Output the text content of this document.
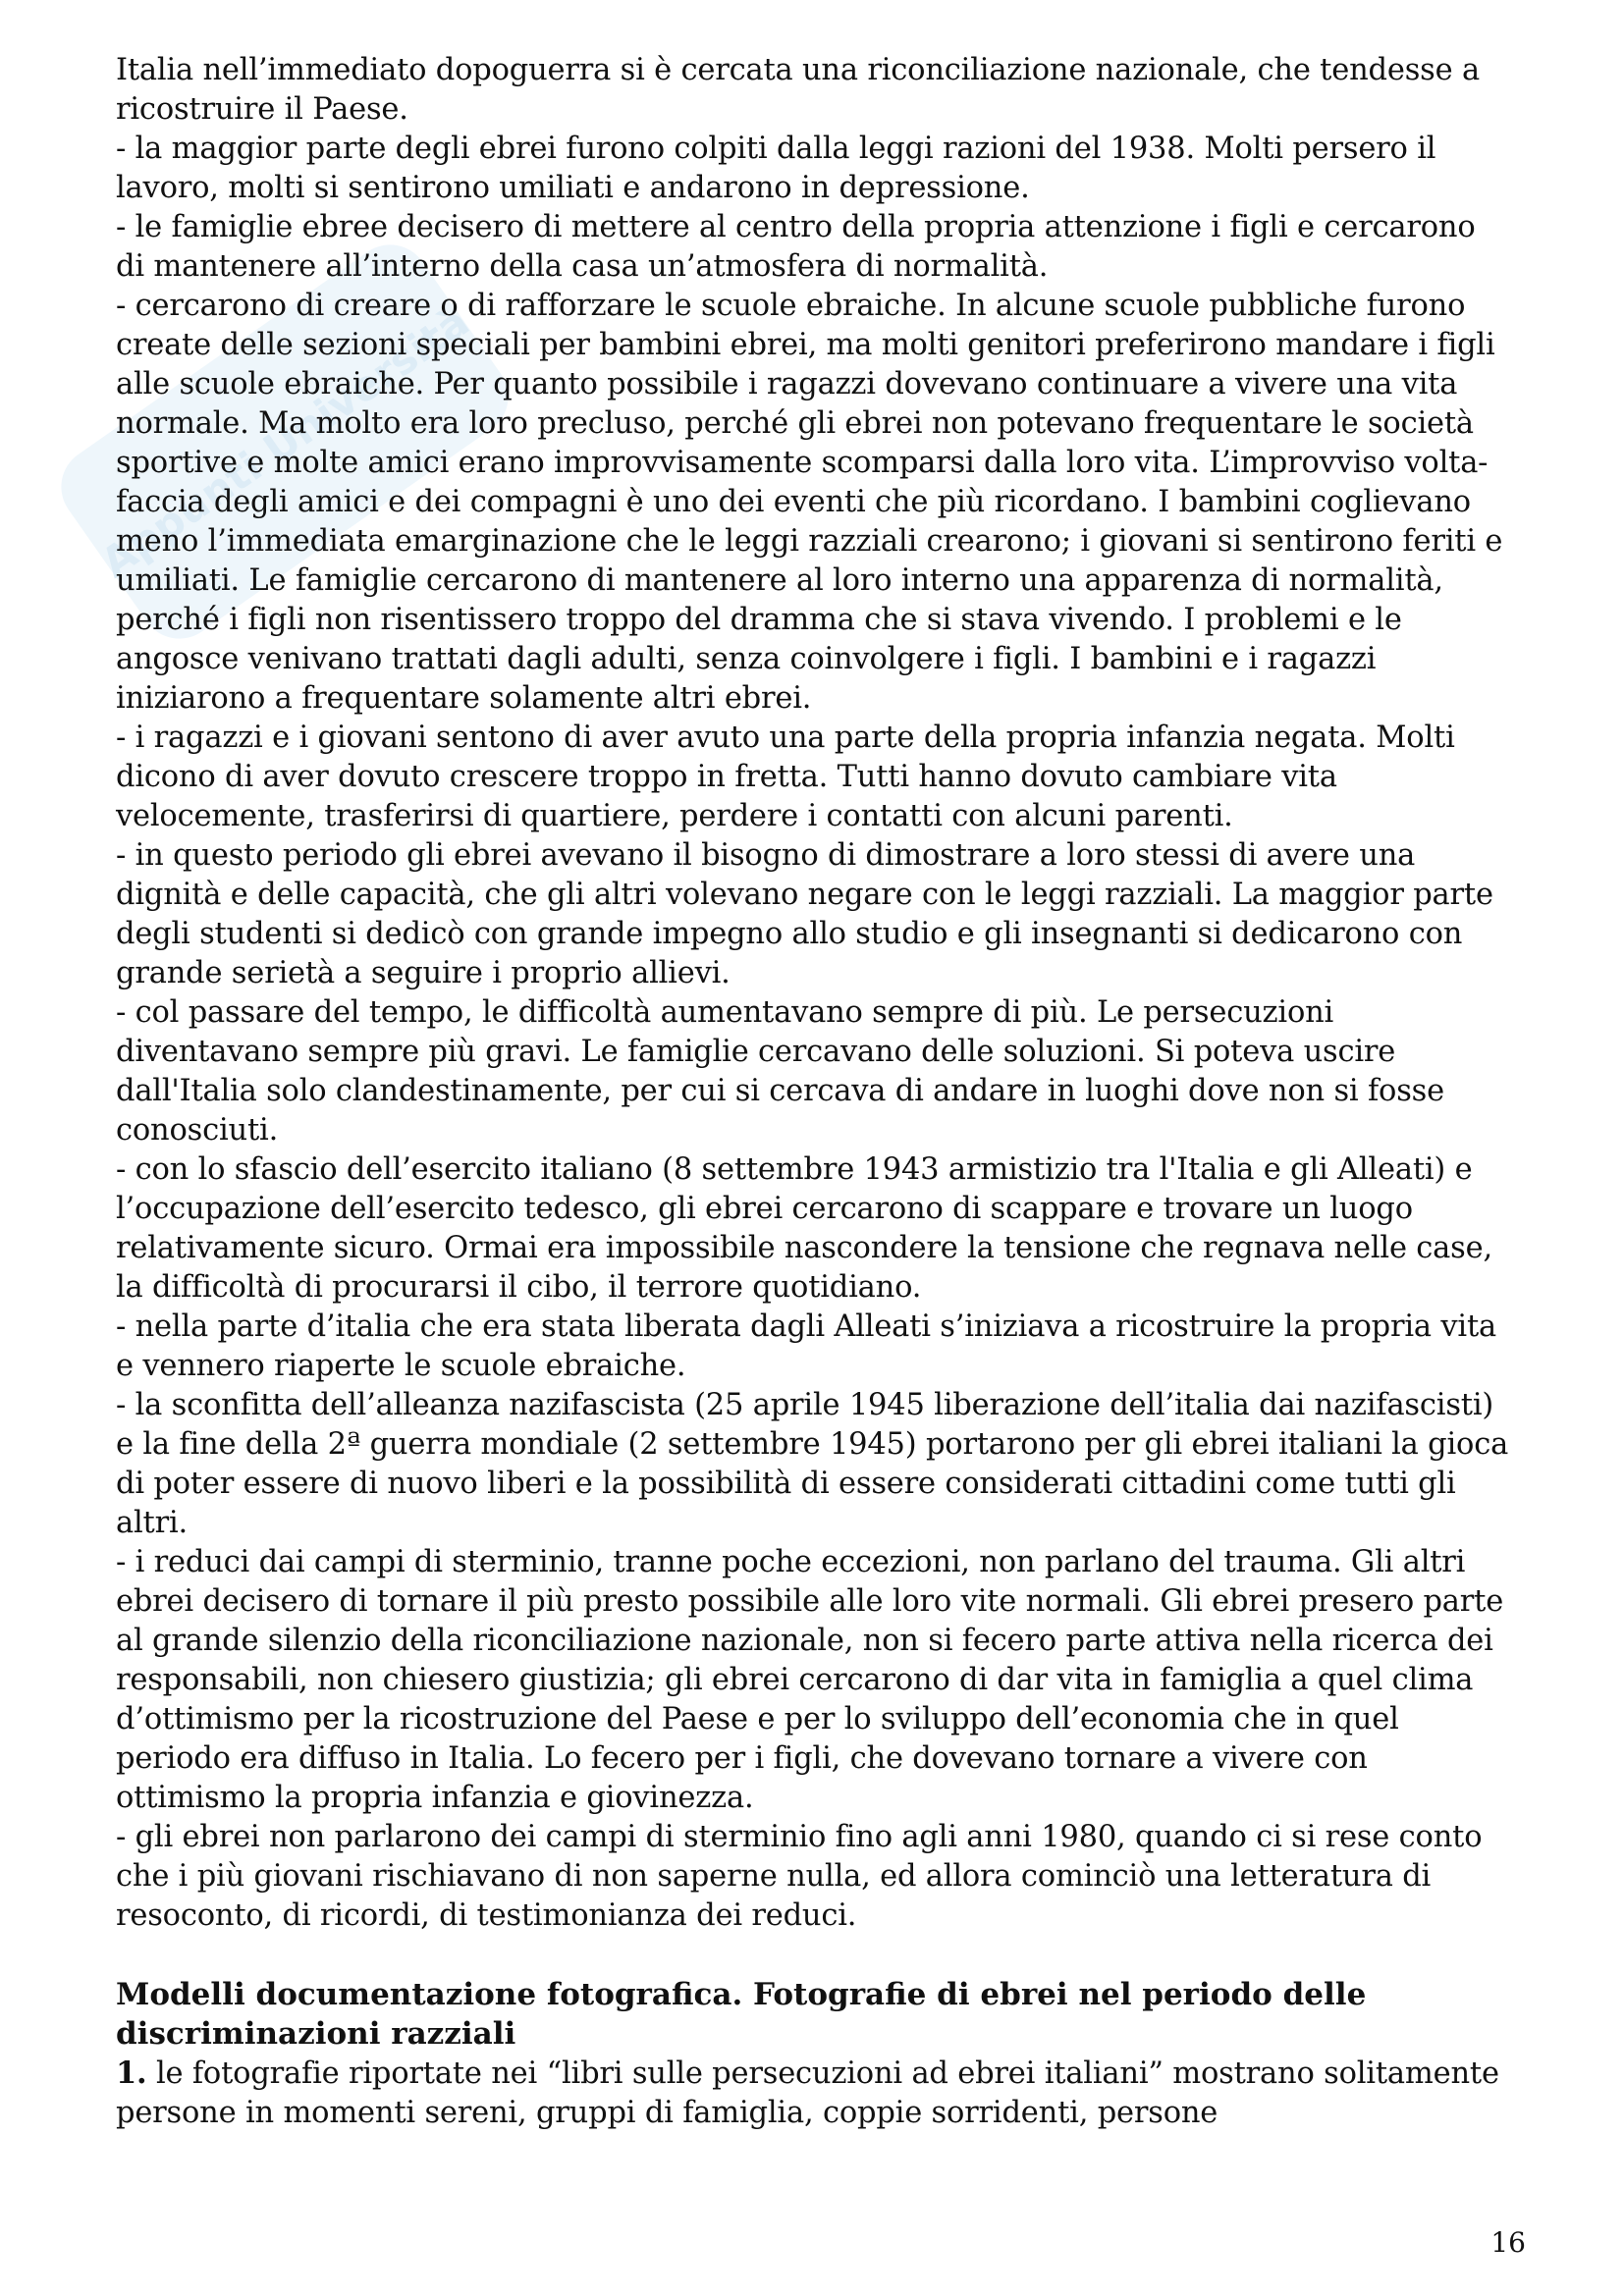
Appunti Università

Italia nell’immediato dopoguerra si è cercata una riconciliazione nazionale, che tendesse a ricostruire il Paese.

- la maggior parte degli ebrei furono colpiti dalla leggi razioni del 1938. Molti persero il lavoro, molti si sentirono umiliati e andarono in depressione.

- le famiglie ebree decisero di mettere al centro della propria attenzione i figli e cercarono di mantenere all’interno della casa un’atmosfera di normalità.

- cercarono di creare o di rafforzare le scuole ebraiche. In alcune scuole pubbliche furono create delle sezioni speciali per bambini ebrei, ma molti genitori preferirono mandare i figli alle scuole ebraiche. Per quanto possibile i ragazzi dovevano continuare a vivere una vita normale. Ma molto era loro precluso, perché gli ebrei non potevano frequentare le società sportive e molte amici erano improvvisamente scomparsi dalla loro vita. L’improvviso volta-faccia degli amici e dei compagni è uno dei eventi che più ricordano. I bambini coglievano meno l’immediata emarginazione che le leggi razziali crearono; i giovani si sentirono feriti e umiliati. Le famiglie cercarono di mantenere al loro interno una apparenza di normalità, perché i figli non risentissero troppo del dramma che si stava vivendo. I problemi e le angosce venivano trattati dagli adulti, senza coinvolgere i figli. I bambini e i ragazzi iniziarono a frequentare solamente altri ebrei.

- i ragazzi e i giovani sentono di aver avuto una parte della propria infanzia negata. Molti dicono di aver dovuto crescere troppo in fretta. Tutti hanno dovuto cambiare vita velocemente, trasferirsi di quartiere, perdere i contatti con alcuni parenti.

- in questo periodo gli ebrei avevano il bisogno di dimostrare a loro stessi di avere una dignità e delle capacità, che gli altri volevano negare con le leggi razziali. La maggior parte degli studenti si dedicò con grande impegno allo studio e gli insegnanti si dedicarono con grande serietà a seguire i proprio allievi.

- col passare del tempo, le difficoltà aumentavano sempre di più. Le persecuzioni diventavano sempre più gravi. Le famiglie cercavano delle soluzioni. Si poteva uscire dall'Italia solo clandestinamente, per cui si cercava di andare in luoghi dove non si fosse conosciuti.

- con lo sfascio dell’esercito italiano (8 settembre 1943 armistizio tra l'Italia e gli Alleati) e l’occupazione dell’esercito tedesco, gli ebrei cercarono di scappare e trovare un luogo relativamente sicuro. Ormai era impossibile nascondere la tensione che regnava nelle case, la difficoltà di procurarsi il cibo, il terrore quotidiano.

- nella parte d’italia che era stata liberata dagli Alleati s’iniziava a ricostruire la propria vita e vennero riaperte le scuole ebraiche.

- la sconfitta dell’alleanza nazifascista (25 aprile 1945 liberazione dell’italia dai nazifascisti) e la fine della 2ª guerra mondiale (2 settembre 1945) portarono per gli ebrei italiani la gioca di poter essere di nuovo liberi e la possibilità di essere considerati cittadini come tutti gli altri.

- i reduci dai campi di sterminio, tranne poche eccezioni, non parlano del trauma. Gli altri ebrei decisero di tornare il più presto possibile alle loro vite normali. Gli ebrei presero parte al grande silenzio della riconciliazione nazionale, non si fecero parte attiva nella ricerca dei responsabili, non chiesero giustizia; gli ebrei cercarono di dar vita in famiglia a quel clima d’ottimismo per la ricostruzione del Paese e per lo sviluppo dell’economia che in quel periodo era diffuso in Italia. Lo fecero per i figli, che dovevano tornare a vivere con ottimismo la propria infanzia e giovinezza.

- gli ebrei non parlarono dei campi di sterminio fino agli anni 1980, quando ci si rese conto che i più giovani rischiavano di non saperne nulla, ed allora cominciò una letteratura di resoconto, di ricordi, di testimonianza dei reduci.

Modelli documentazione fotografica. Fotografie di ebrei nel periodo delle discriminazioni razziali

1. le fotografie riportate nei “libri sulle persecuzioni ad ebrei italiani” mostrano solitamente persone in momenti sereni, gruppi di famiglia, coppie sorridenti, persone

16
